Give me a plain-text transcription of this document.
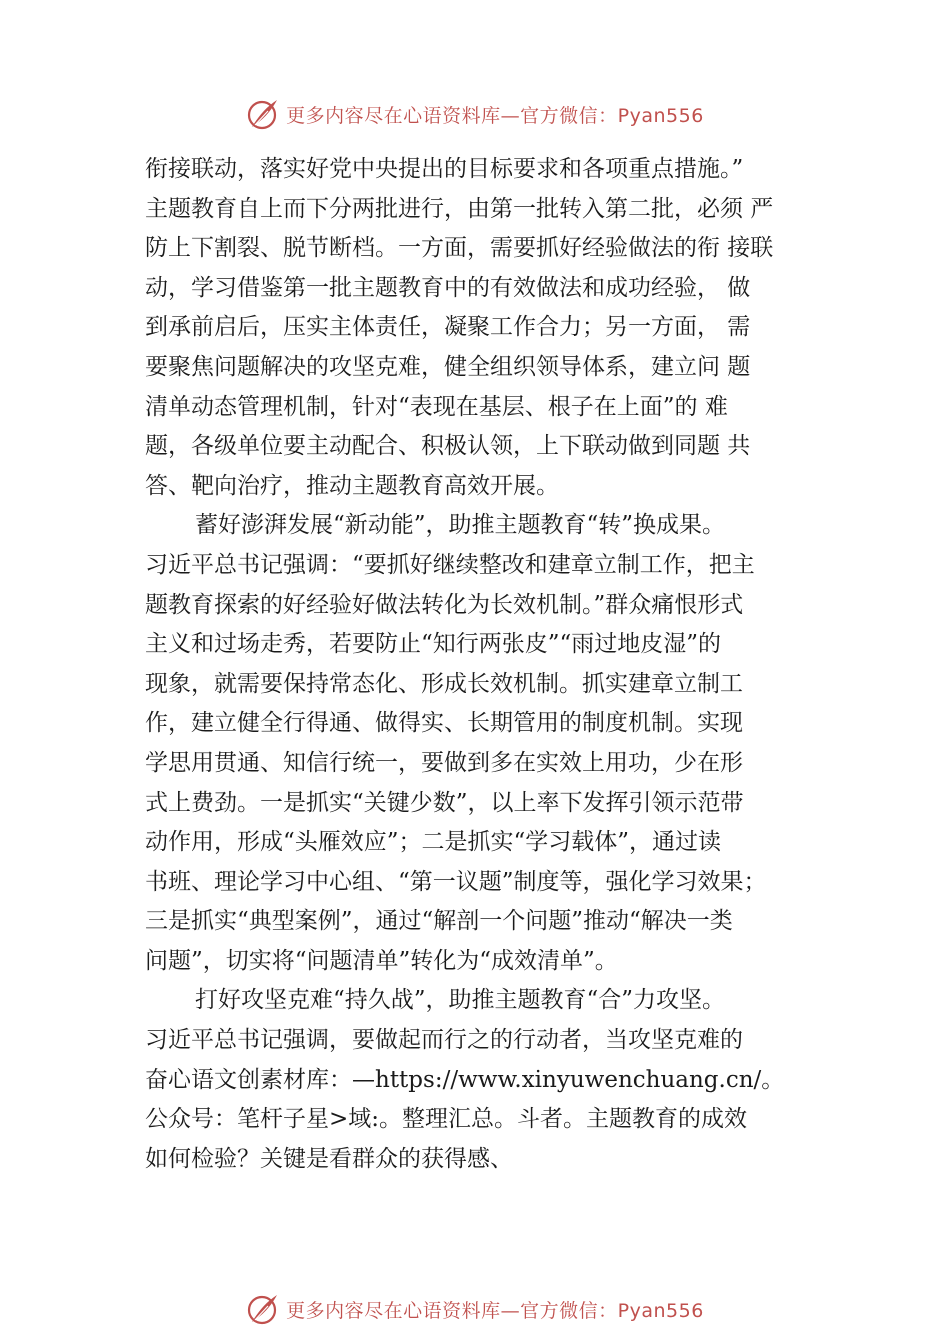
更多内容尽在心语资料库—官方微信：Pyan556
衔接联动，落实好党中央提出的目标要求和各项重点措施。”
主题教育自上而下分两批进行，由第一批转入第二批，必须 严
防上下割裂、脱节断档。一方面，需要抓好经验做法的衔 接联
动，学习借鉴第一批主题教育中的有效做法和成功经验， 做
到承前启后，压实主体责任，凝聚工作合力；另一方面， 需
要聚焦问题解决的攻坚克难，健全组织领导体系，建立问 题
清单动态管理机制，针对“表现在基层、根子在上面”的 难
题，各级单位要主动配合、积极认领，上下联动做到同题 共
答、靶向治疗，推动主题教育高效开展。
蓄好澎湃发展“新动能”，助推主题教育“转”换成果。
习近平总书记强调：“要抓好继续整改和建章立制工作，把主
题教育探索的好经验好做法转化为长效机制。”群众痛恨形式
主义和过场走秀，若要防止“知行两张皮”“雨过地皮湿”的
现象，就需要保持常态化、形成长效机制。抓实建章立制工
作，建立健全行得通、做得实、长期管用的制度机制。实现
学思用贯通、知信行统一，要做到多在实效上用功，少在形
式上费劲。一是抓实“关键少数”，以上率下发挥引领示范带
动作用，形成“头雁效应”；二是抓实“学习载体”，通过读
书班、理论学习中心组、“第一议题”制度等，强化学习效果；
三是抓实“典型案例”，通过“解剖一个问题”推动“解决一类
问题”，切实将“问题清单”转化为“成效清单”。
打好攻坚克难“持久战”，助推主题教育“合”力攻坚。
习近平总书记强调，要做起而行之的行动者，当攻坚克难的
奋心语文创素材库：—https://www.xinyuwenchuang.cn/。
公众号：笔杆子星>域:。整理汇总。斗者。主题教育的成效
如何检验？关键是看群众的获得感、
更多内容尽在心语资料库—官方微信：Pyan556
